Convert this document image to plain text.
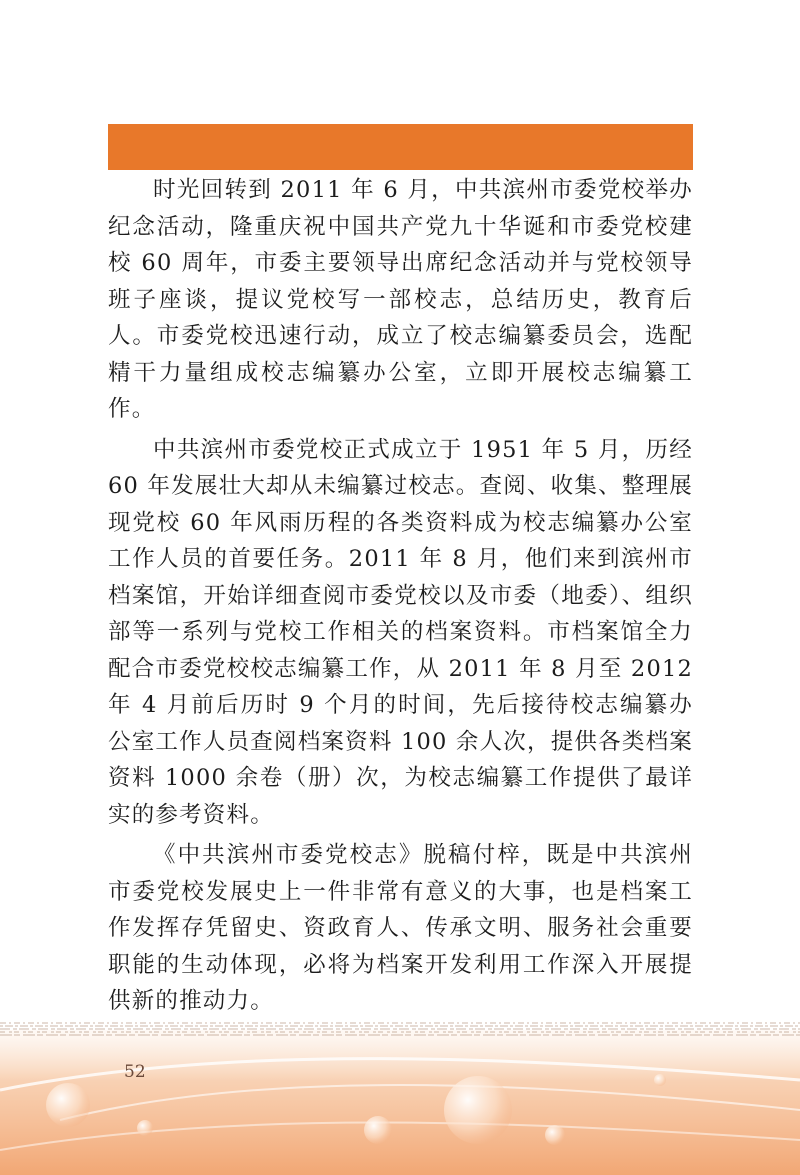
时光回转到 2011 年 6 月，中共滨州市委党校举办纪念活动，隆重庆祝中国共产党九十华诞和市委党校建校 60 周年，市委主要领导出席纪念活动并与党校领导班子座谈，提议党校写一部校志，总结历史，教育后人。市委党校迅速行动，成立了校志编纂委员会，选配精干力量组成校志编纂办公室，立即开展校志编纂工作。

中共滨州市委党校正式成立于 1951 年 5 月，历经 60 年发展壮大却从未编纂过校志。查阅、收集、整理展现党校 60 年风雨历程的各类资料成为校志编纂办公室工作人员的首要任务。2011 年 8 月，他们来到滨州市档案馆，开始详细查阅市委党校以及市委（地委）、组织部等一系列与党校工作相关的档案资料。市档案馆全力配合市委党校校志编纂工作，从 2011 年 8 月至 2012 年 4 月前后历时 9 个月的时间，先后接待校志编纂办公室工作人员查阅档案资料 100 余人次，提供各类档案资料 1000 余卷（册）次，为校志编纂工作提供了最详实的参考资料。

《中共滨州市委党校志》脱稿付梓，既是中共滨州市委党校发展史上一件非常有意义的大事，也是档案工作发挥存凭留史、资政育人、传承文明、服务社会重要职能的生动体现，必将为档案开发利用工作深入开展提供新的推动力。

52
